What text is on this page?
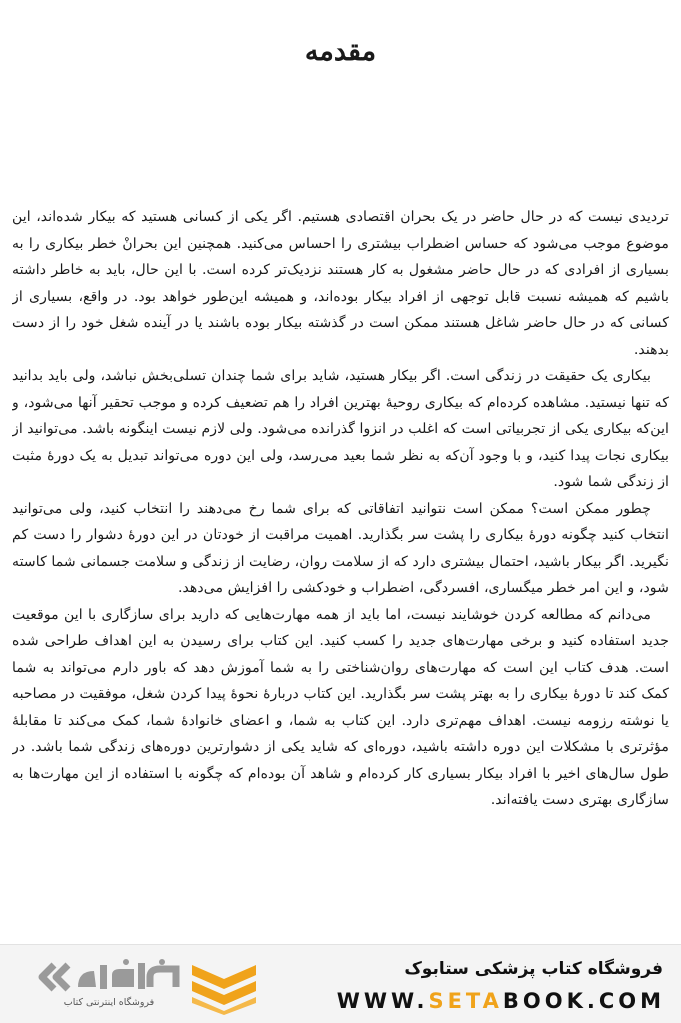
مقدمه

تردیدی نیست که در حال حاضر در یک بحران اقتصادی هستیم. اگر یکی از کسانی هستید که بیکار شده‌اند، این موضوع موجب می‌شود که حساس اضطراب بیشتری را احساس می‌کنید. همچنین این بحرانْ خطر بیکاری را به بسیاری از افرادی که در حال حاضر مشغول به کار هستند نزدیک‌تر کرده است. با این حال، باید به خاطر داشته باشیم که همیشه نسبت قابل توجهی از افراد بیکار بوده‌اند، و همیشه این‌طور خواهد بود. در واقع، بسیاری از کسانی که در حال حاضر شاغل هستند ممکن است در گذشته بیکار بوده باشند یا در آینده شغل خود را از دست بدهند.

بیکاری یک حقیقت در زندگی است. اگر بیکار هستید، شاید برای شما چندان تسلی‌بخش نباشد، ولی باید بدانید که تنها نیستید. مشاهده کرده‌ام که بیکاری روحیهٔ بهترین افراد را هم تضعیف کرده و موجب تحقیر آنها می‌شود، و این‌که بیکاری یکی از تجربیاتی است که اغلب در انزوا گذرانده می‌شود. ولی لازم نیست اینگونه باشد. می‌توانید از بیکاری نجات پیدا کنید، و با وجود آن‌که به نظر شما بعید می‌رسد، ولی این دوره می‌تواند تبدیل به یک دورهٔ مثبت از زندگی شما شود.

چطور ممکن است؟ ممکن است نتوانید اتفاقاتی که برای شما رخ می‌دهند را انتخاب کنید، ولی می‌توانید انتخاب کنید چگونه دورهٔ بیکاری را پشت سر بگذارید. اهمیت مراقبت از خودتان در این دورهٔ دشوار را دست کم نگیرید. اگر بیکار باشید، احتمال بیشتری دارد که از سلامت روان، رضایت از زندگی و سلامت جسمانی شما کاسته شود، و این امر خطر میگساری، افسردگی، اضطراب و خودکشی را افزایش می‌دهد.

می‌دانم که مطالعه کردن خوشایند نیست، اما باید از همه مهارت‌هایی که دارید برای سازگاری با این موقعیت جدید استفاده کنید و برخی مهارت‌های جدید را کسب کنید. این کتاب برای رسیدن به این اهداف طراحی شده است. هدف کتاب این است که مهارت‌های روان‌شناختی را به شما آموزش دهد که باور دارم می‌تواند به شما کمک کند تا دورهٔ بیکاری را به بهتر پشت سر بگذارید. این کتاب دربارهٔ نحوهٔ پیدا کردن شغل، موفقیت در مصاحبه یا نوشته رزومه نیست. اهداف مهم‌تری دارد. این کتاب به شما، و اعضای خانوادهٔ شما، کمک می‌کند تا مقابلهٔ مؤثرتری با مشکلات این دوره داشته باشید، دوره‌ای که شاید یکی از دشوارترین دوره‌های زندگی شما باشد. در طول سال‌های اخیر با افراد بیکار بسیاری کار کرده‌ام و شاهد آن بوده‌ام که چگونه با استفاده از این مهارت‌ها به سازگاری بهتری دست یافته‌اند.

فروشگاه اینترنتی کتاب
فروشگاه کتاب پزشکی ستابوک
WWW.SETABOOK.COM
